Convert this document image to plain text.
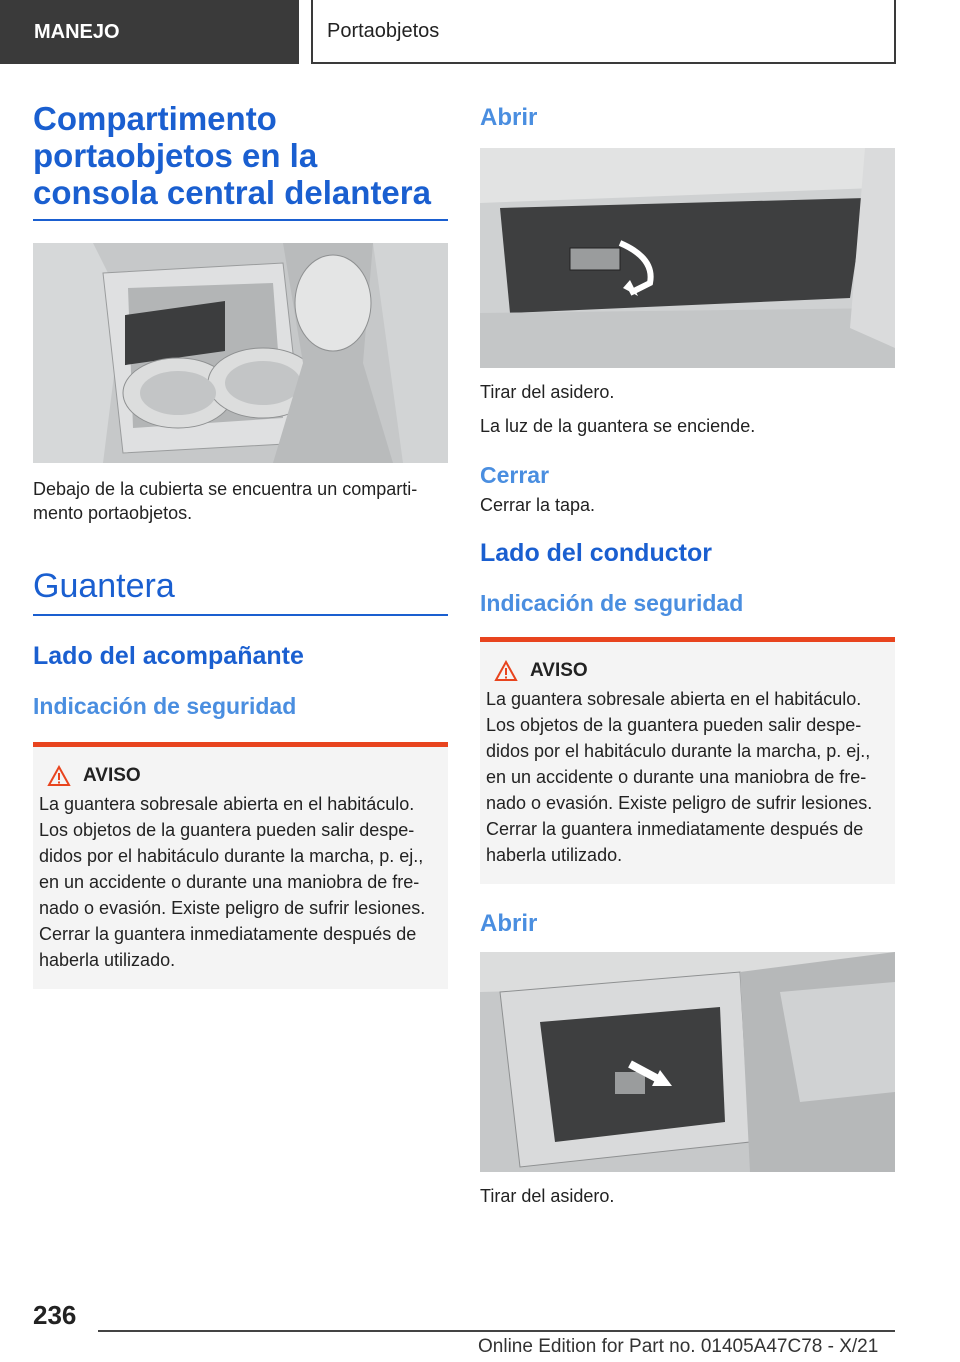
MANEJO	Portaobjetos
Compartimento portaobjetos en la consola central delantera

Debajo de la cubierta se encuentra un comparti-mento portaobjetos.

Guantera
Lado del acompañante
Indicación de seguridad
AVISO

La guantera sobresale abierta en el habitáculo. Los objetos de la guantera pueden salir despe-didos por el habitáculo durante la marcha, p. ej., en un accidente o durante una maniobra de fre-nado o evasión. Existe peligro de sufrir lesiones. Cerrar la guantera inmediatamente después de haberla utilizado.

Abrir

Tirar del asidero.

La luz de la guantera se enciende.

Cerrar

Cerrar la tapa.

Lado del conductor
Indicación de seguridad
AVISO

La guantera sobresale abierta en el habitáculo. Los objetos de la guantera pueden salir despe-didos por el habitáculo durante la marcha, p. ej., en un accidente o durante una maniobra de fre-nado o evasión. Existe peligro de sufrir lesiones. Cerrar la guantera inmediatamente después de haberla utilizado.

Abrir

Tirar del asidero.

236
Online Edition for Part no. 01405A47C78 - X/21
